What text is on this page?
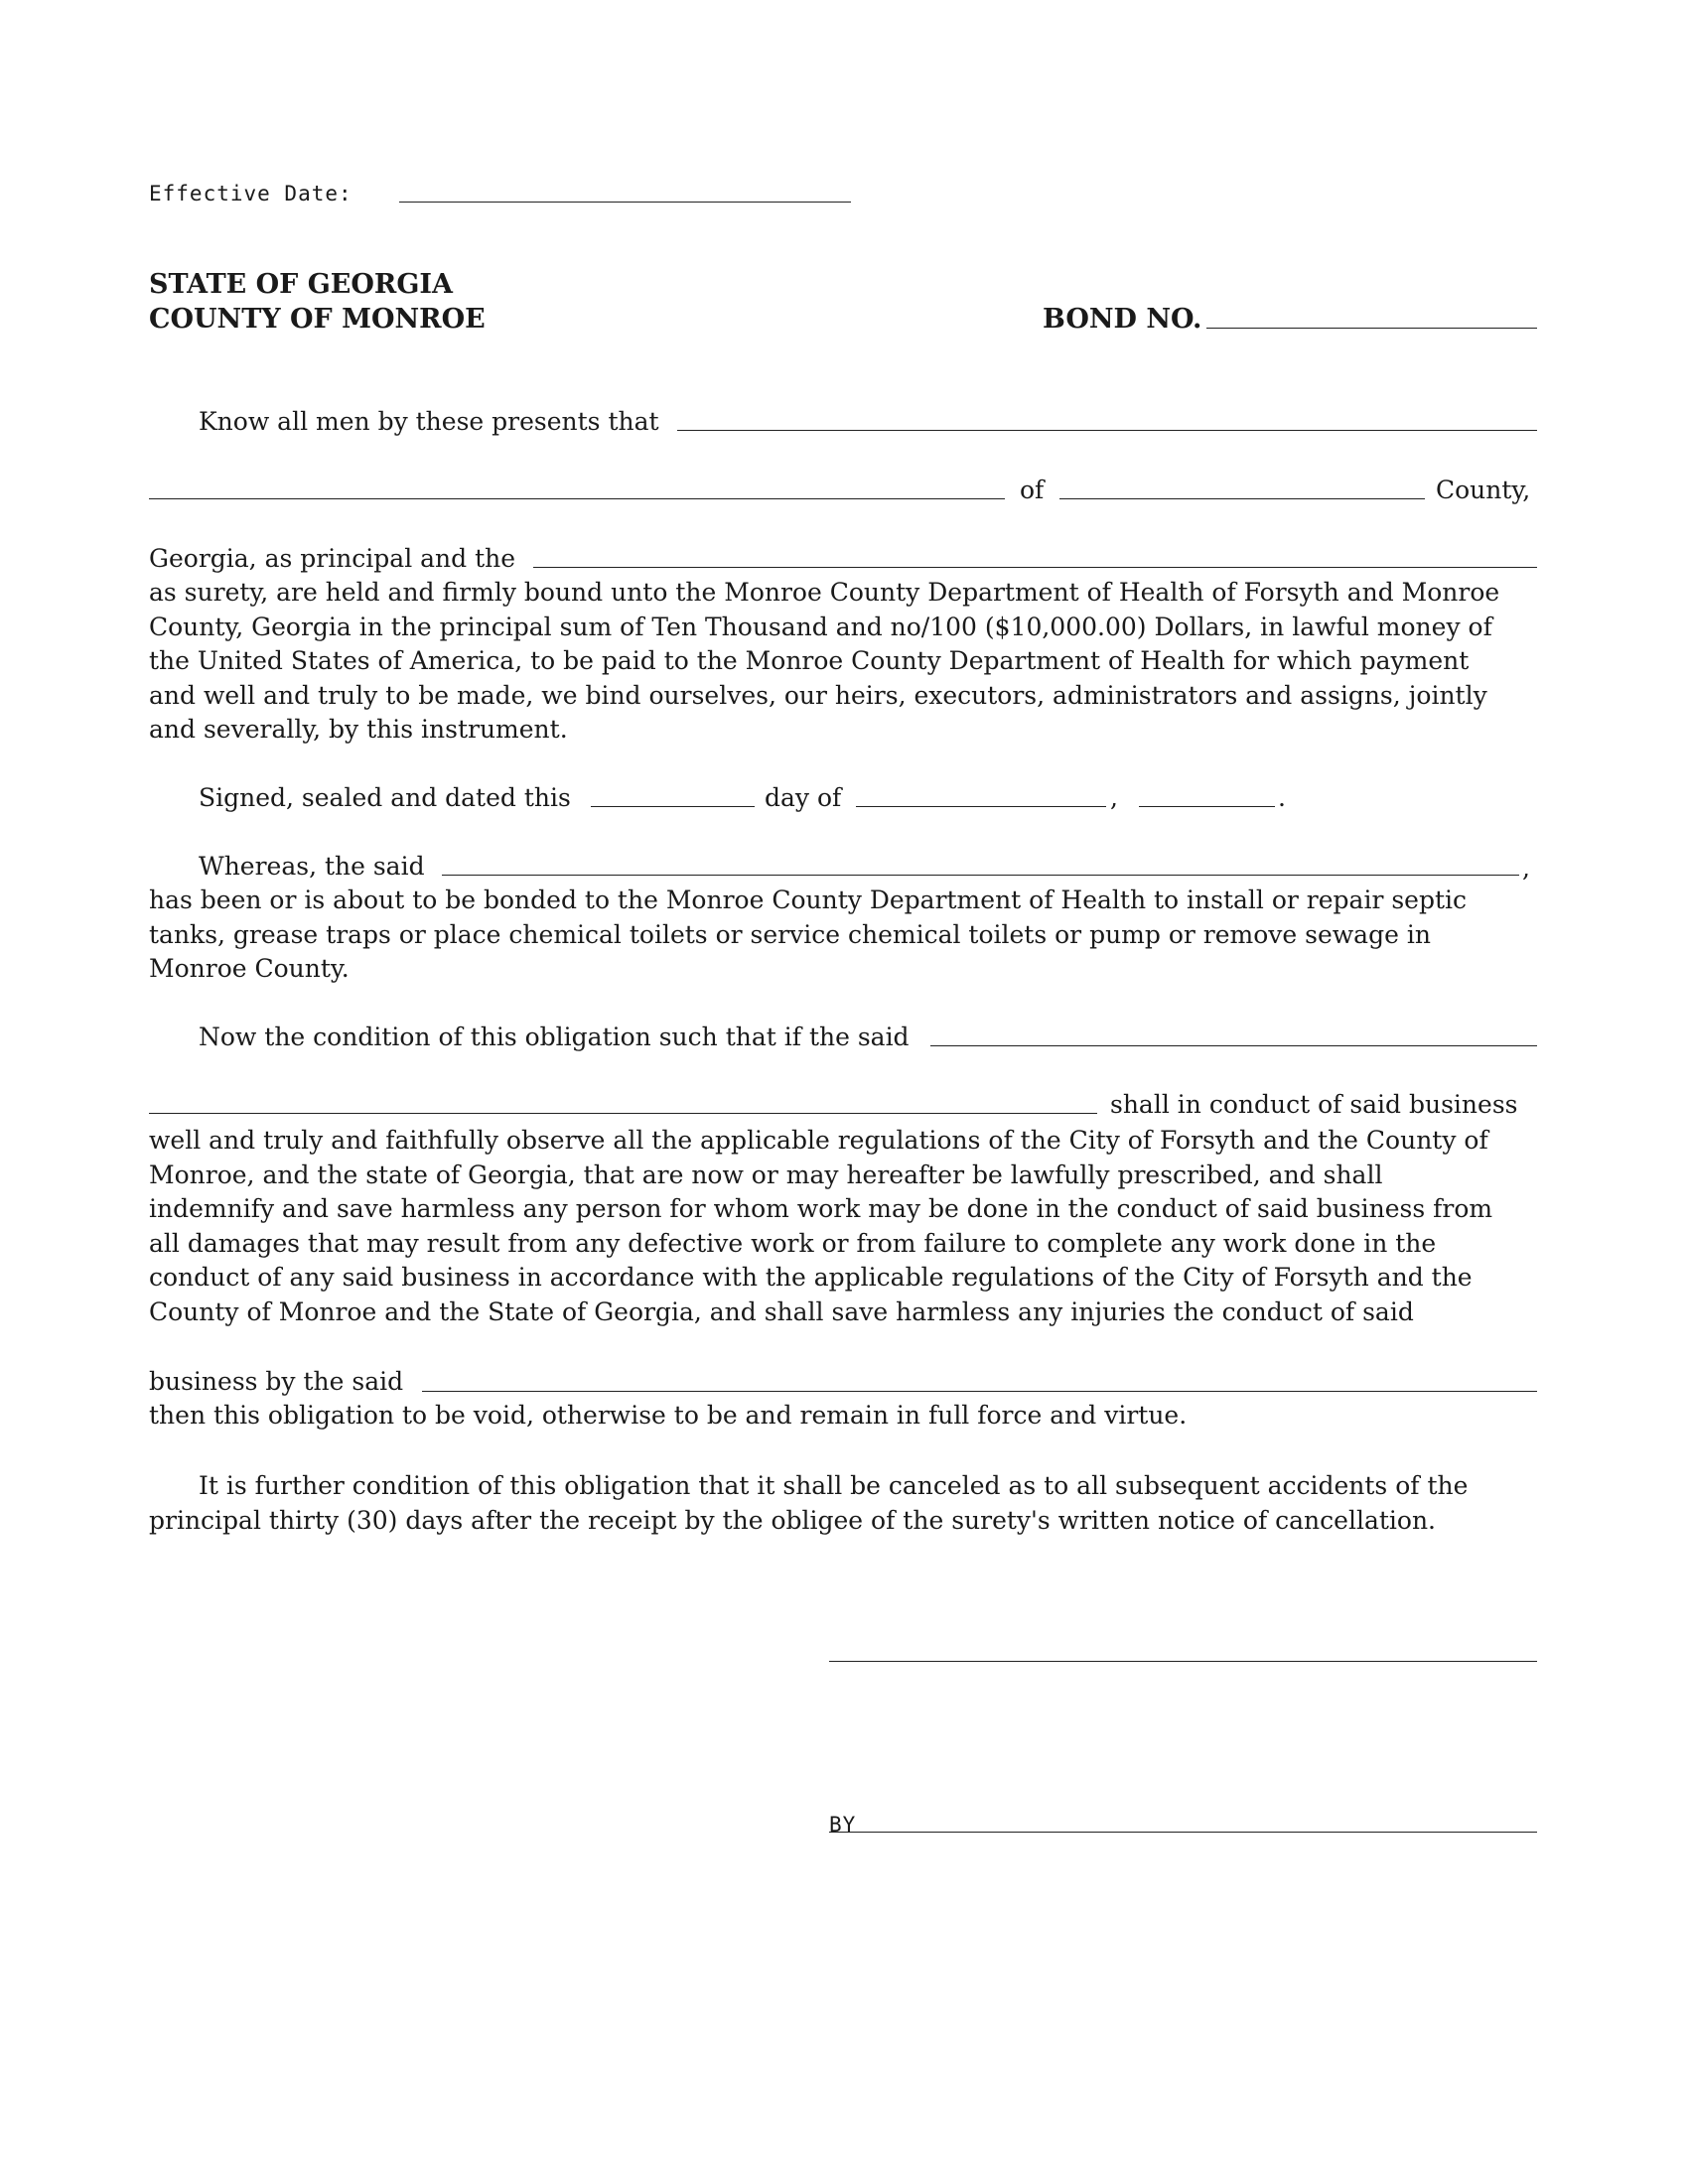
Effective Date:
STATE OF GEORGIA
COUNTY OF MONROE	BOND NO.
Know all men by these presents that
of	County,
Georgia, as principal and the

as surety, are held and firmly bound unto the Monroe County Department of Health of Forsyth and Monroe

County, Georgia in the principal sum of Ten Thousand and no/100 ($10,000.00) Dollars, in lawful money of

the United States of America, to be paid to the Monroe County Department of Health for which payment

and well and truly to be made, we bind ourselves, our heirs, executors, administrators and assigns, jointly

and severally, by this instrument.

Signed, sealed and dated this	day of	,	.
Whereas, the said	,

has been or is about to be bonded to the Monroe County Department of Health to install or repair septic

tanks, grease traps or place chemical toilets or service chemical toilets or pump or remove sewage in

Monroe County.

Now the condition of this obligation such that if the said
shall in conduct of said business

well and truly and faithfully observe all the applicable regulations of the City of Forsyth and the County of

Monroe, and the state of Georgia, that are now or may hereafter be lawfully prescribed, and shall

indemnify and save harmless any person for whom work may be done in the conduct of said business from

all damages that may result from any defective work or from failure to complete any work done in the

conduct of any said business in accordance with the applicable regulations of the City of Forsyth and the

County of Monroe and the State of Georgia, and shall save harmless any injuries the conduct of said

business by the said
then this obligation to be void, otherwise to be and remain in full force and virtue.

It is further condition of this obligation that it shall be canceled as to all subsequent accidents of the

principal thirty (30) days after the receipt by the obligee of the surety's written notice of cancellation.

BY
